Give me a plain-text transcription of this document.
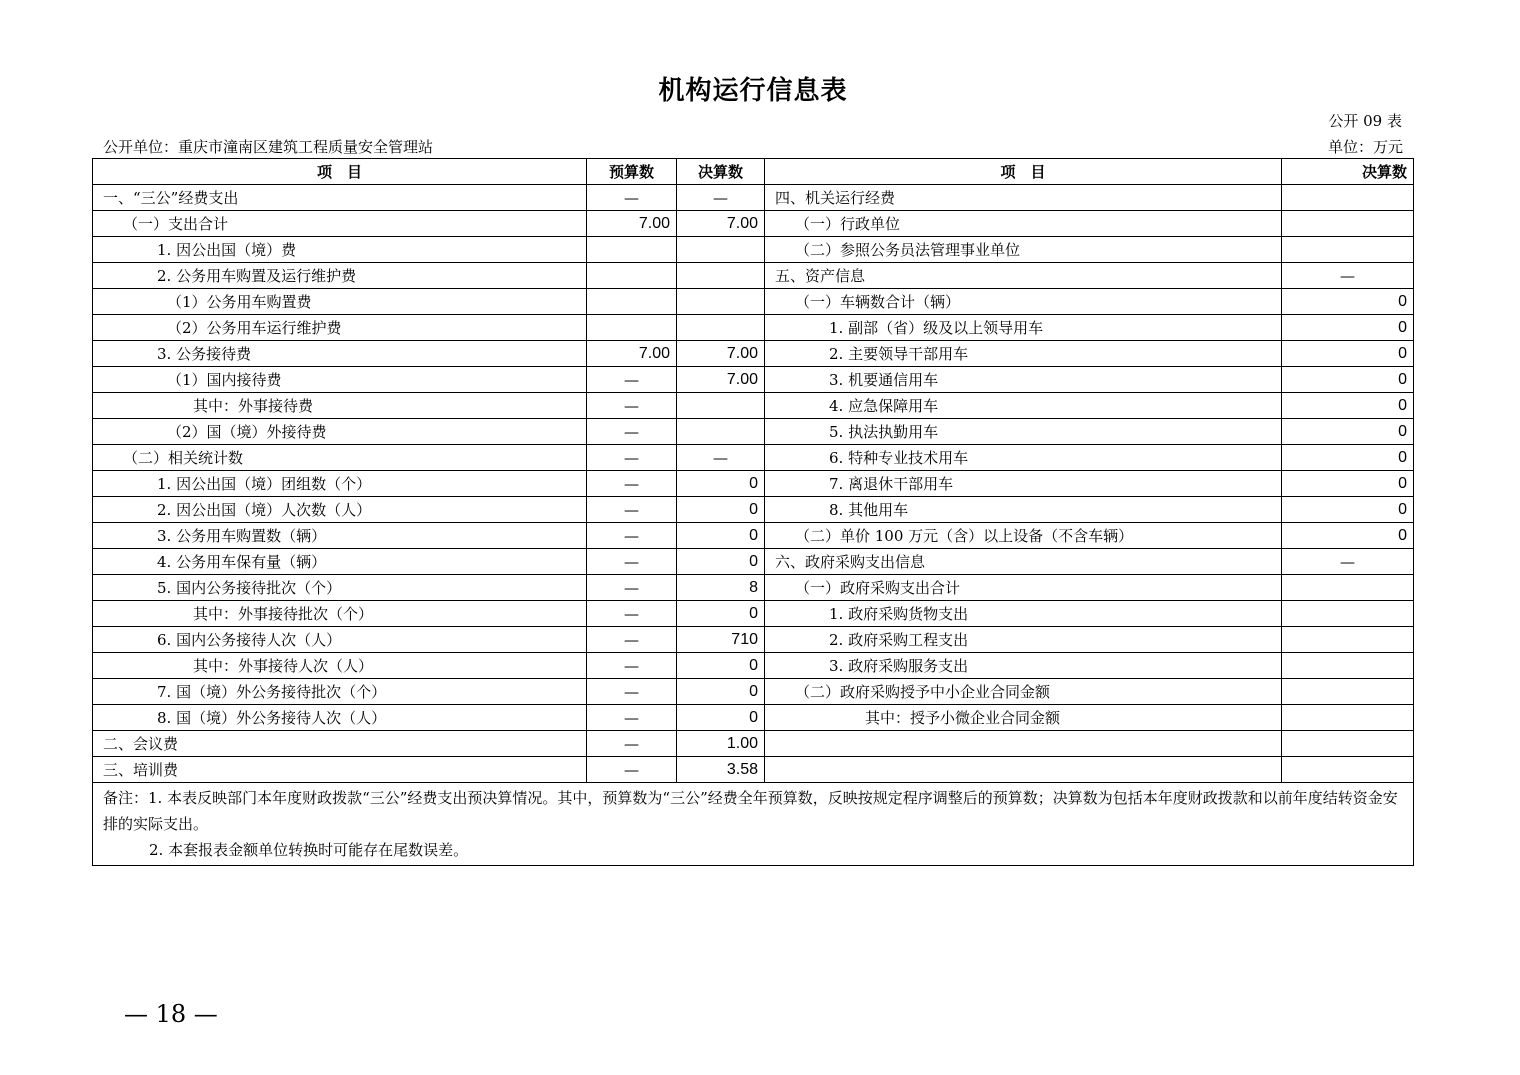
机构运行信息表
公开 09 表
公开单位：重庆市潼南区建筑工程质量安全管理站	单位：万元
项　目	预算数	决算数	项　目	决算数
一、“三公”经费支出	—	—	四、机关运行经费	
（一）支出合计	7.00	7.00	（一）行政单位	
1. 因公出国（境）费			（二）参照公务员法管理事业单位	
2. 公务用车购置及运行维护费			五、资产信息	—
（1）公务用车购置费			（一）车辆数合计（辆）	0
（2）公务用车运行维护费			1. 副部（省）级及以上领导用车	0
3. 公务接待费	7.00	7.00	2. 主要领导干部用车	0
（1）国内接待费	—	7.00	3. 机要通信用车	0
其中：外事接待费	—		4. 应急保障用车	0
（2）国（境）外接待费	—		5. 执法执勤用车	0
（二）相关统计数	—	—	6. 特种专业技术用车	0
1. 因公出国（境）团组数（个）	—	0	7. 离退休干部用车	0
2. 因公出国（境）人次数（人）	—	0	8. 其他用车	0
3. 公务用车购置数（辆）	—	0	（二）单价 100 万元（含）以上设备（不含车辆）	0
4. 公务用车保有量（辆）	—	0	六、政府采购支出信息	—
5. 国内公务接待批次（个）	—	8	（一）政府采购支出合计	
其中：外事接待批次（个）	—	0	1. 政府采购货物支出	
6. 国内公务接待人次（人）	—	710	2. 政府采购工程支出	
其中：外事接待人次（人）	—	0	3. 政府采购服务支出	
7. 国（境）外公务接待批次（个）	—	0	（二）政府采购授予中小企业合同金额	
8. 国（境）外公务接待人次（人）	—	0	其中：授予小微企业合同金额	
二、会议费	—	1.00		
三、培训费	—	3.58		
备注：1. 本表反映部门本年度财政拨款“三公”经费支出预决算情况。其中，预算数为“三公”经费全年预算数，反映按规定程序调整后的预算数；决算数为包括本年度财政拨款和以前年度结转资金安排的实际支出。
2. 本套报表金额单位转换时可能存在尾数误差。				
— 18 —
